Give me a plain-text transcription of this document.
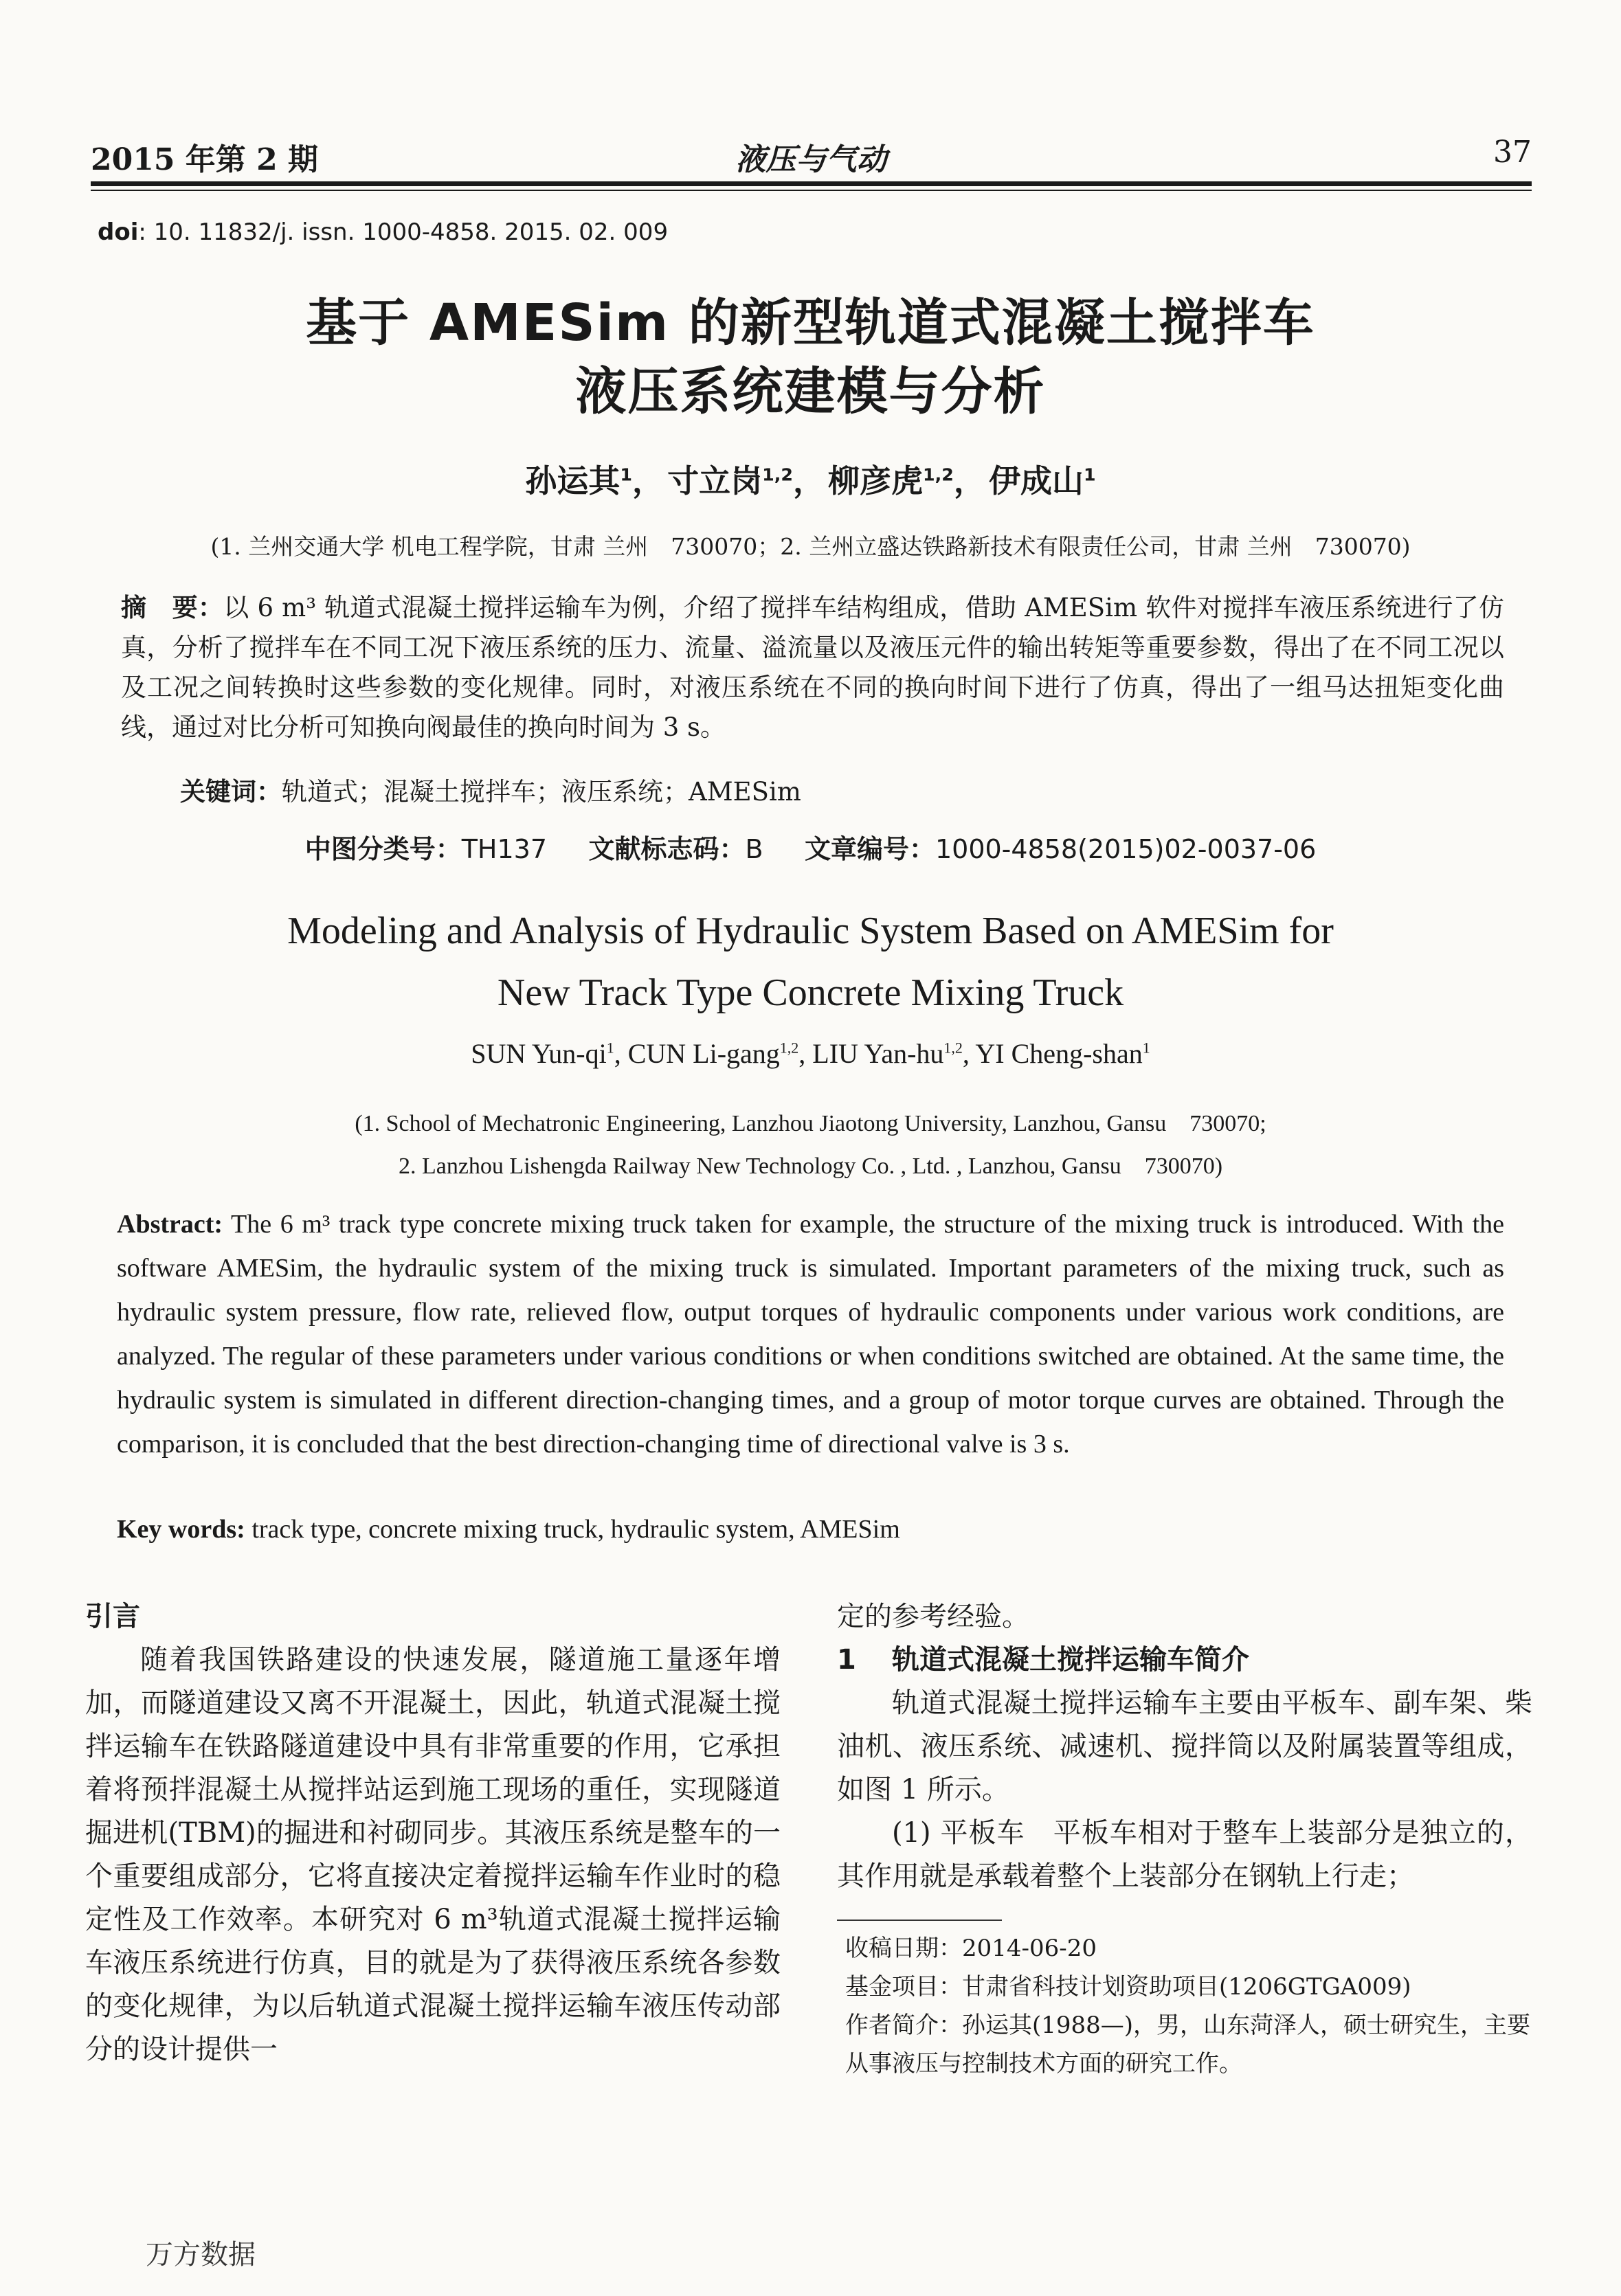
2015 年第 2 期	液压与气动	37
doi: 10. 11832/j. issn. 1000-4858. 2015. 02. 009
基于 AMESim 的新型轨道式混凝土搅拌车
液压系统建模与分析
孙运其$^1$， 寸立岗$^{1,2}$， 柳彦虎$^{1,2}$， 伊成山$^1$
(1. 兰州交通大学 机电工程学院，甘肃 兰州　730070；2. 兰州立盛达铁路新技术有限责任公司，甘肃 兰州　730070)
摘　要：以 6 m³ 轨道式混凝土搅拌运输车为例，介绍了搅拌车结构组成，借助 AMESim 软件对搅拌车液压系统进行了仿真，分析了搅拌车在不同工况下液压系统的压力、流量、溢流量以及液压元件的输出转矩等重要参数，得出了在不同工况以及工况之间转换时这些参数的变化规律。同时，对液压系统在不同的换向时间下进行了仿真，得出了一组马达扭矩变化曲线，通过对比分析可知换向阀最佳的换向时间为 3 s。
关键词：轨道式；混凝土搅拌车；液压系统；AMESim
中图分类号：TH137 文献标志码：B 文章编号：1000-4858(2015)02-0037-06
Modeling and Analysis of Hydraulic System Based on AMESim for
New Track Type Concrete Mixing Truck
SUN Yun-$qi^1$, CUN Li-gang$^{1,2}$, LIU Yan-hu$^{1,2}$, YI Cheng-shan$^1$
(1. School of Mechatronic Engineering, Lanzhou Jiaotong University, Lanzhou, Gansu　730070;
2. Lanzhou Lishengda Railway New Technology Co. , Ltd. , Lanzhou, Gansu　730070)
Abstract: The 6 m³ track type concrete mixing truck taken for example, the structure of the mixing truck is introduced. With the software AMESim, the hydraulic system of the mixing truck is simulated. Important parameters of the mixing truck, such as hydraulic system pressure, flow rate, relieved flow, output torques of hydraulic components under various work conditions, are analyzed. The regular of these parameters under various conditions or when conditions switched are obtained. At the same time, the hydraulic system is simulated in different direction-changing times, and a group of motor torque curves are obtained. Through the comparison, it is concluded that the best direction-changing time of directional valve is 3 s.
Key words: track type, concrete mixing truck, hydraulic system, AMESim
引言

随着我国铁路建设的快速发展，隧道施工量逐年增加，而隧道建设又离不开混凝土，因此，轨道式混凝土搅拌运输车在铁路隧道建设中具有非常重要的作用，它承担着将预拌混凝土从搅拌站运到施工现场的重任，实现隧道掘进机(TBM)的掘进和衬砌同步。其液压系统是整车的一个重要组成部分，它将直接决定着搅拌运输车作业时的稳定性及工作效率。本研究对 6 m³轨道式混凝土搅拌运输车液压系统进行仿真，目的就是为了获得液压系统各参数的变化规律，为以后轨道式混凝土搅拌运输车液压传动部分的设计提供一

定的参考经验。

1 轨道式混凝土搅拌运输车简介

轨道式混凝土搅拌运输车主要由平板车、副车架、柴油机、液压系统、减速机、搅拌筒以及附属装置等组成，如图 1 所示。

(1) 平板车　平板车相对于整车上装部分是独立的，其作用就是承载着整个上装部分在钢轨上行走；

收稿日期：2014-06-20
基金项目：甘肃省科技计划资助项目(1206GTGA009)
作者简介：孙运其(1988—)，男，山东菏泽人，硕士研究生，主要从事液压与控制技术方面的研究工作。
万方数据
